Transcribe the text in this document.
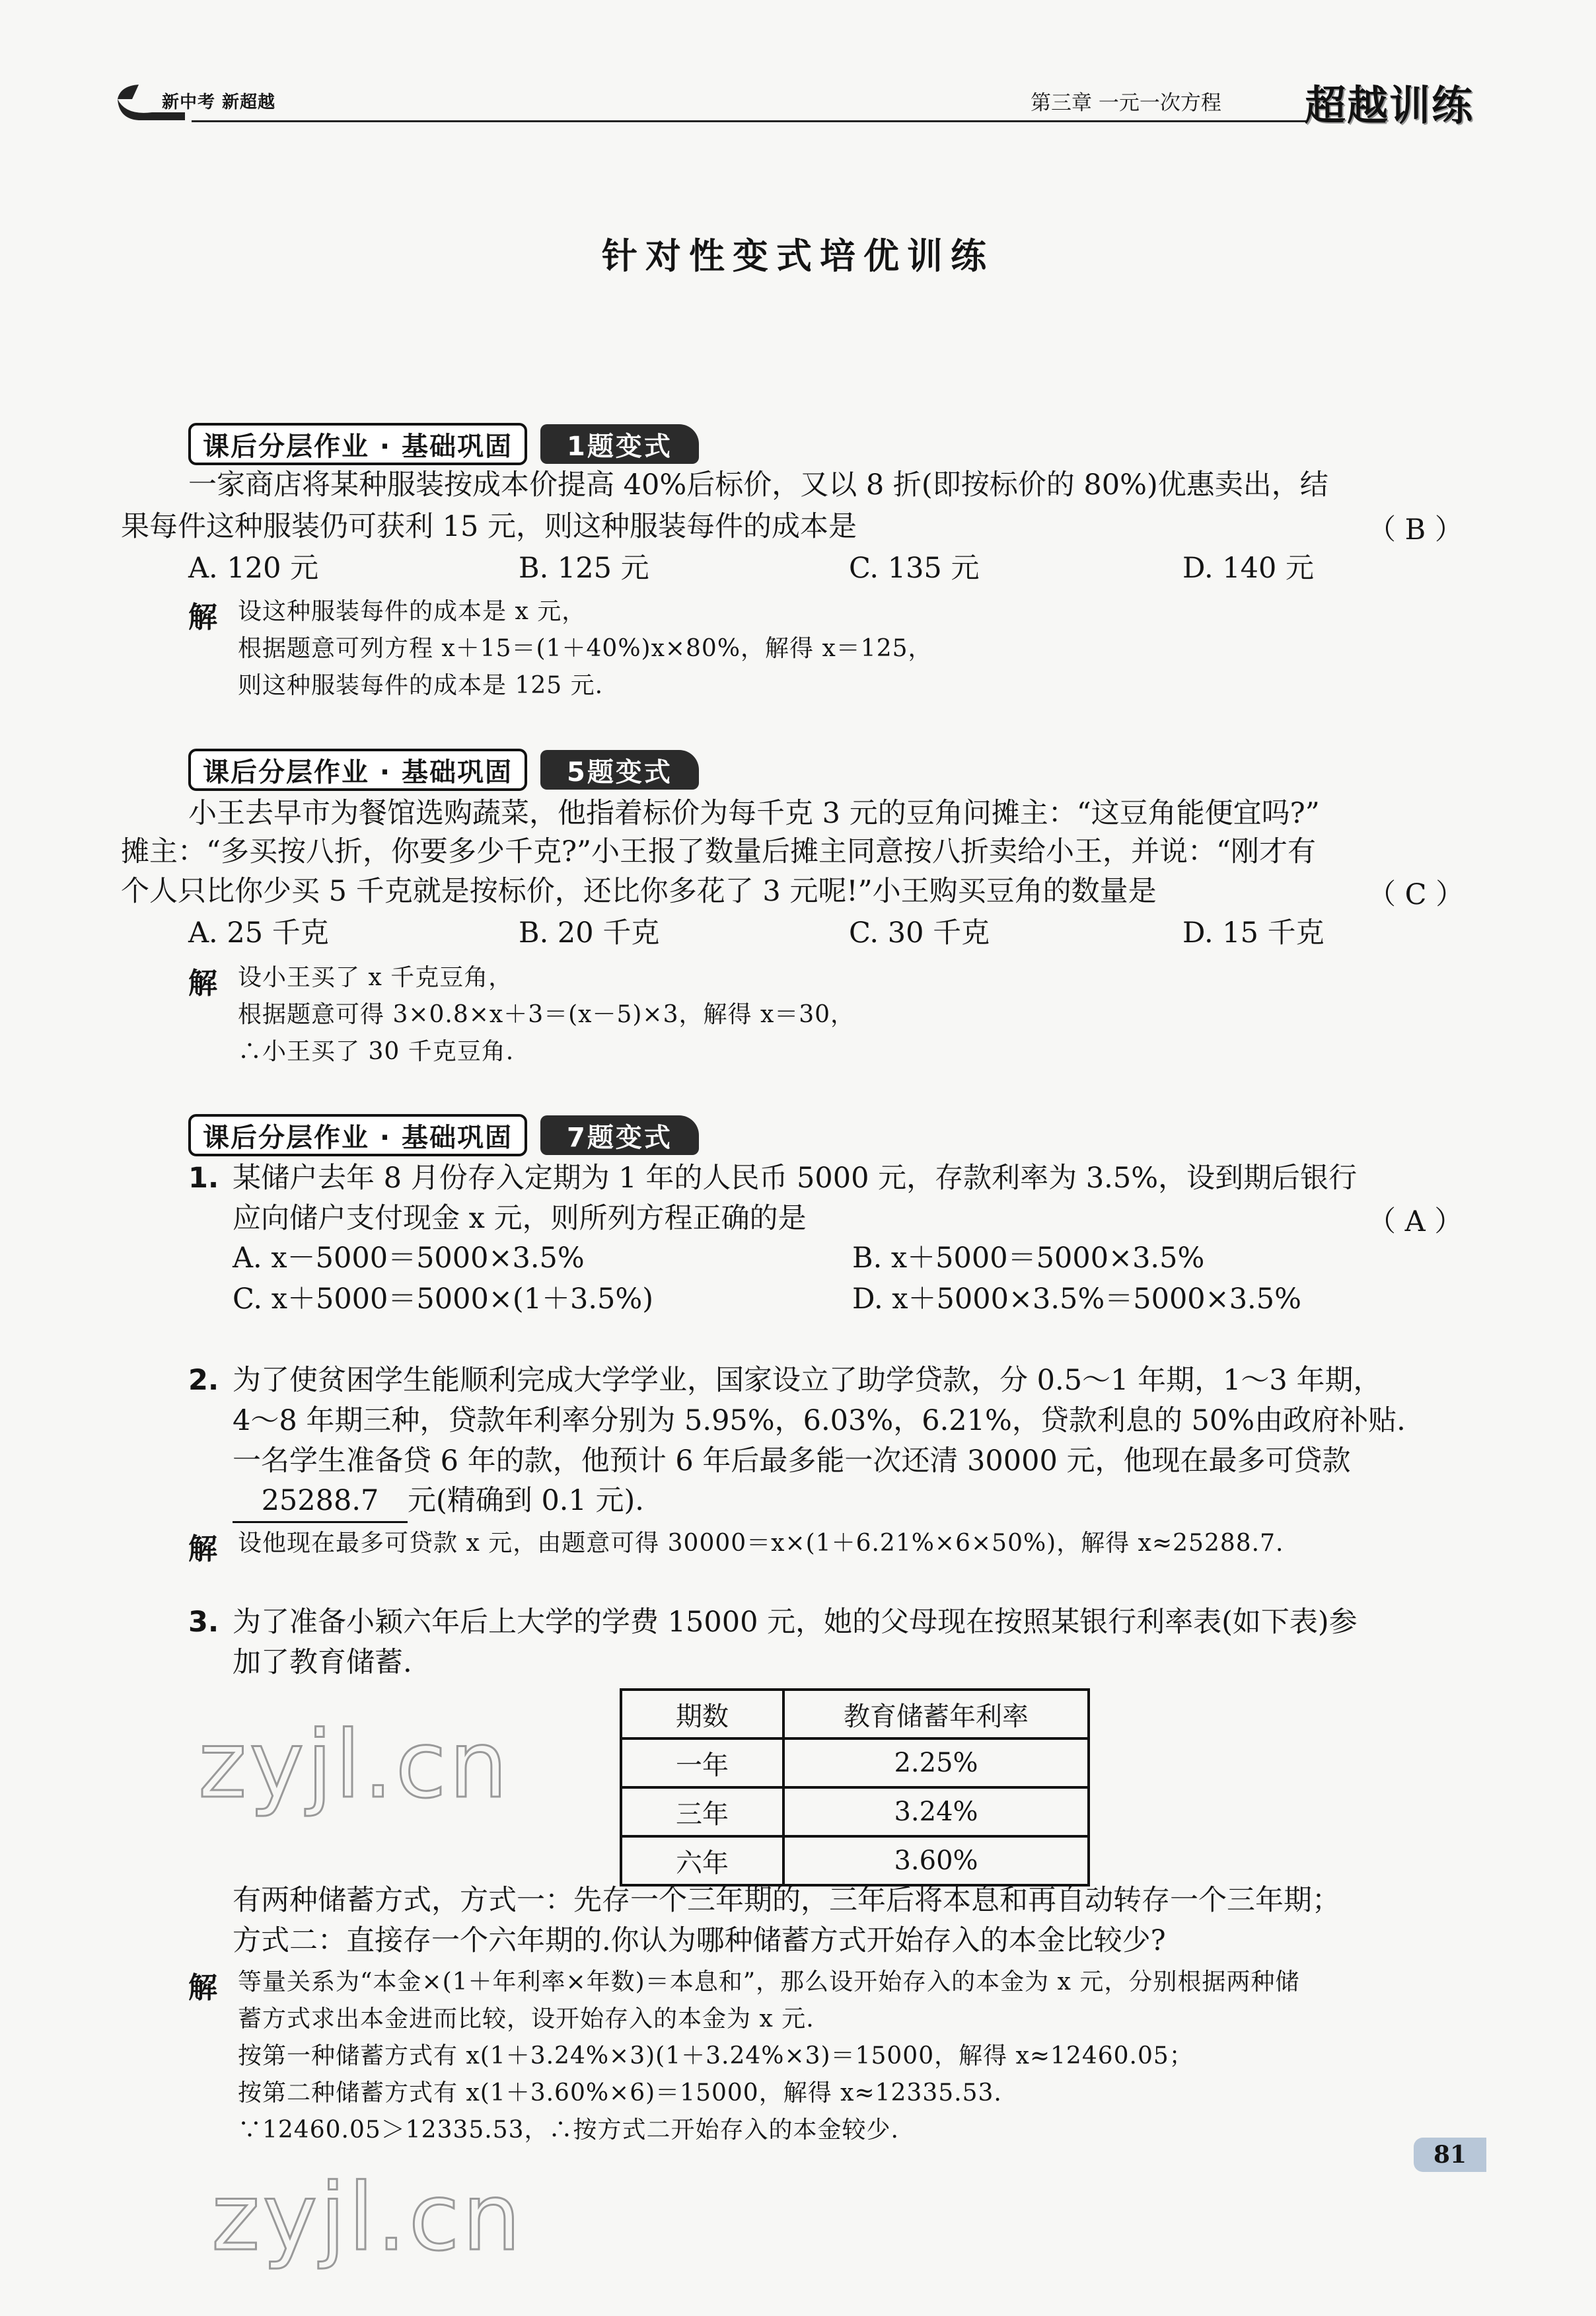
新中考 新超越	第三章 一元一次方程 超越训练
针对性变式培优训练
课后分层作业 · 基础巩固	1题变式
一家商店将某种服装按成本价提高 40%后标价，又以 8 折(即按标价的 80%)优惠卖出，结
果每件这种服装仍可获利 15 元，则这种服装每件的成本是	（ B ）
A. 120 元	B. 125 元	C. 135 元	D. 140 元
解 设这种服装每件的成本是 x 元，
根据题意可列方程 x＋15＝(1＋40%)x×80%，解得 x＝125，
则这种服装每件的成本是 125 元.
课后分层作业 · 基础巩固	5题变式
小王去早市为餐馆选购蔬菜，他指着标价为每千克 3 元的豆角问摊主：“这豆角能便宜吗?”
摊主：“多买按八折，你要多少千克?”小王报了数量后摊主同意按八折卖给小王，并说：“刚才有
个人只比你少买 5 千克就是按标价，还比你多花了 3 元呢!”小王购买豆角的数量是	（ C ）
A. 25 千克	B. 20 千克	C. 30 千克	D. 15 千克
解 设小王买了 x 千克豆角，
根据题意可得 3×0.8×x＋3＝(x－5)×3，解得 x＝30，
∴小王买了 30 千克豆角.
课后分层作业 · 基础巩固	7题变式
1. 某储户去年 8 月份存入定期为 1 年的人民币 5000 元，存款利率为 3.5%，设到期后银行
应向储户支付现金 x 元，则所列方程正确的是	（ A ）
A. x－5000＝5000×3.5%	B. x＋5000＝5000×3.5%
C. x＋5000＝5000×(1＋3.5%)	D. x＋5000×3.5%＝5000×3.5%
2. 为了使贫困学生能顺利完成大学学业，国家设立了助学贷款，分 0.5～1 年期，1～3 年期，
4～8 年期三种，贷款年利率分别为 5.95%，6.03%，6.21%，贷款利息的 50%由政府补贴.
一名学生准备贷 6 年的款，他预计 6 年后最多能一次还清 30000 元，他现在最多可贷款
25288.7 元(精确到 0.1 元).
解 设他现在最多可贷款 x 元，由题意可得 30000＝x×(1＋6.21%×6×50%)，解得 x≈25288.7.
3. 为了准备小颖六年后上大学的学费 15000 元，她的父母现在按照某银行利率表(如下表)参
加了教育储蓄.
期数	教育储蓄年利率
一年	2.25%
三年	3.24%
六年	3.60%
有两种储蓄方式，方式一：先存一个三年期的，三年后将本息和再自动转存一个三年期；
方式二：直接存一个六年期的.你认为哪种储蓄方式开始存入的本金比较少?
解 等量关系为“本金×(1＋年利率×年数)＝本息和”，那么设开始存入的本金为 x 元，分别根据两种储
蓄方式求出本金进而比较，设开始存入的本金为 x 元.
按第一种储蓄方式有 x(1＋3.24%×3)(1＋3.24%×3)＝15000，解得 x≈12460.05；
按第二种储蓄方式有 x(1＋3.60%×6)＝15000，解得 x≈12335.53.
∵12460.05＞12335.53，∴按方式二开始存入的本金较少.
zyjl.cn
zyjl.cn
81
